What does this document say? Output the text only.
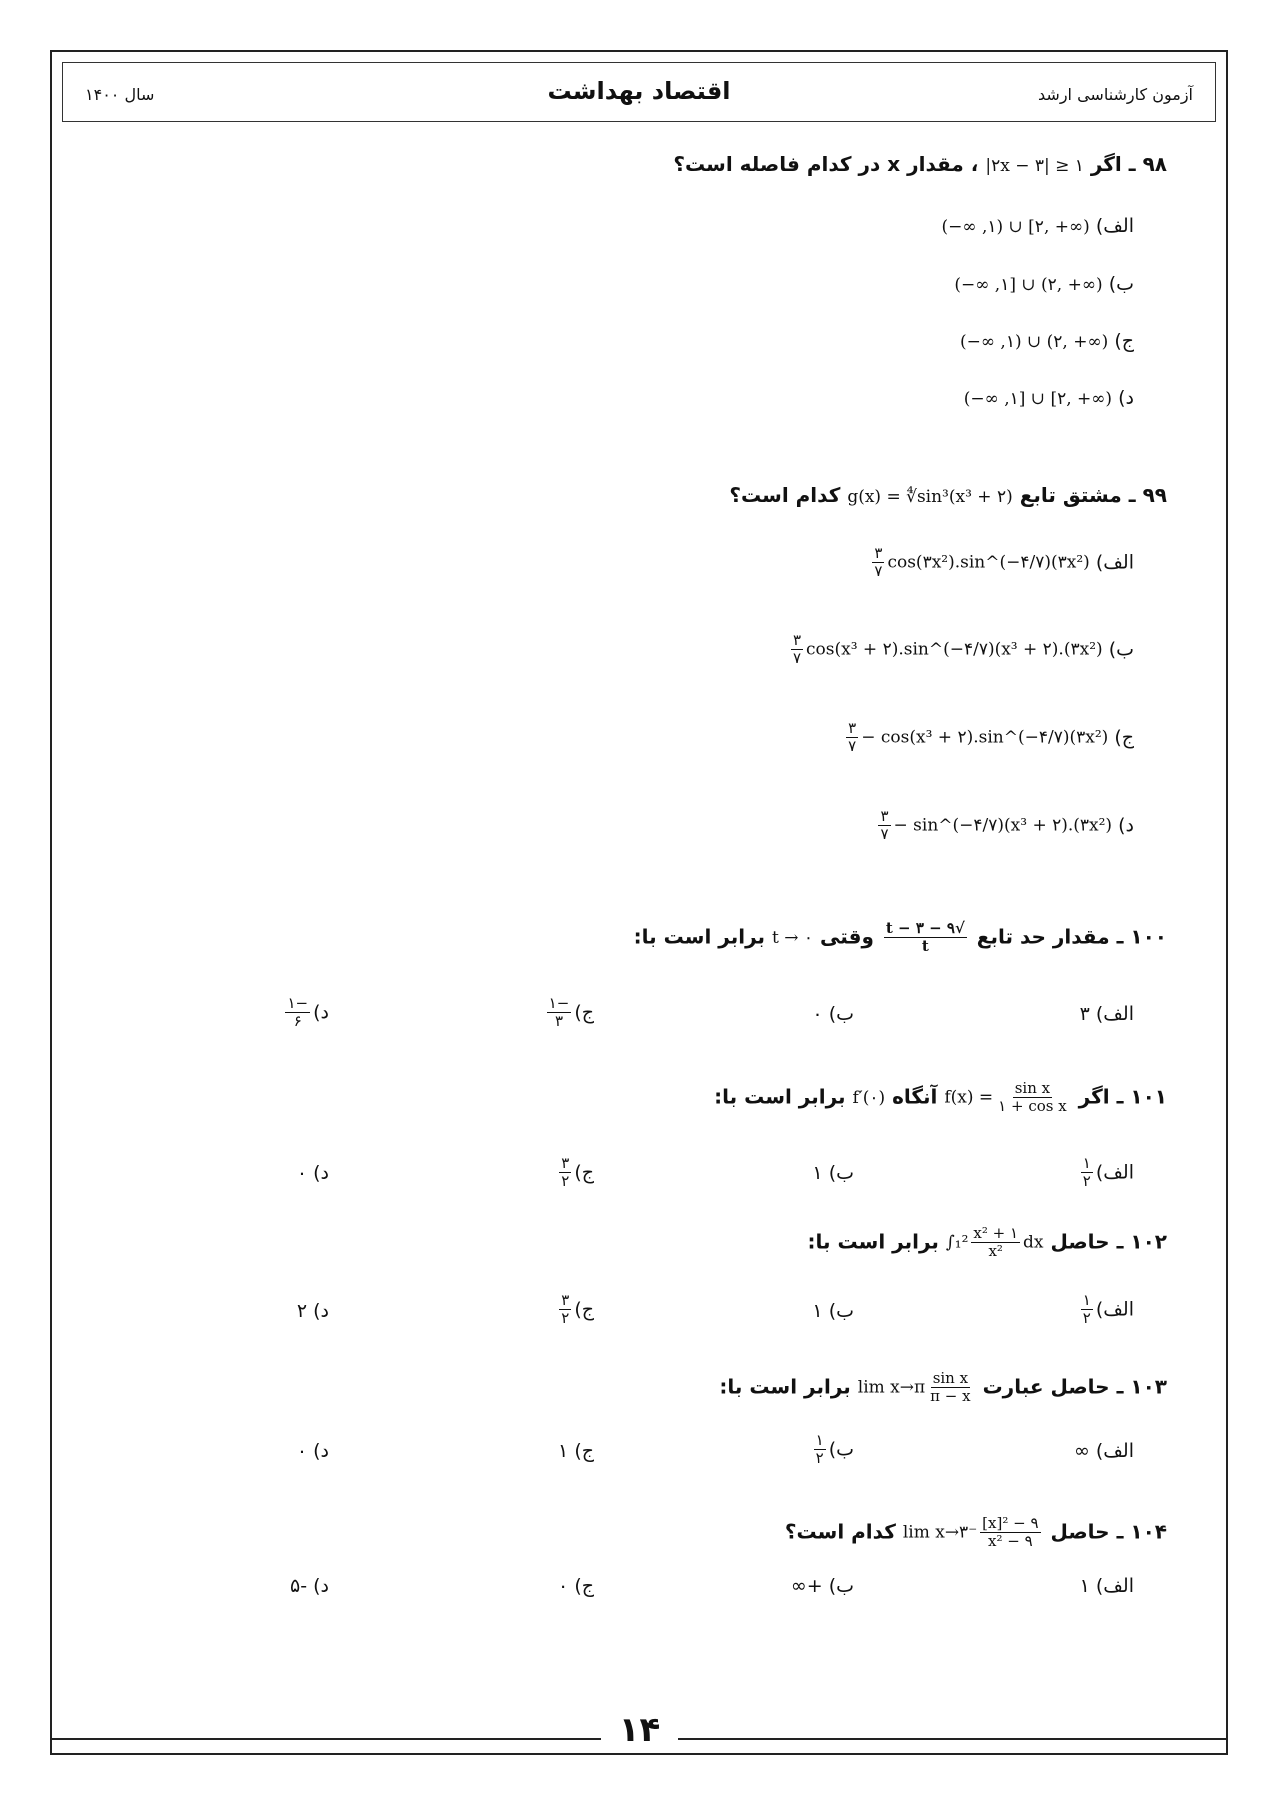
آزمون کارشناسی ارشد
اقتصاد بهداشت
سال ۱۴۰۰
۹۸ ـ اگر |۲x − ۳| ≥ ۱ ، مقدار x در کدام فاصله است؟
الف) (−∞ ,۱) ∪ [۲, +∞)
ب) (−∞ ,۱] ∪ (۲, +∞)
ج) (−∞ ,۱) ∪ (۲, +∞)
د) (−∞ ,۱] ∪ [۲, +∞)
۹۹ ـ مشتق تابع g(x) = ∜sin³(x³ + ۲) کدام است؟
الف)
$\frac{۳}{۷}$ cos(۳x²).sin^(−۴/۷)(۳x²)
ب)
$\frac{۳}{۷} \cos(x^3$ + ۲).sin^(−۴/۷)(x³ + ۲).(۳x²)
ج)
$\frac{۳}{۷} - \cos(x^3$ + ۲).sin^(−۴/۷)(۳x²)
د)
$\frac{۳}{۷}$ − sin^(−۴/۷)(x³ + ۲).(۳x²)
۱۰۰ ـ مقدار حد تابع
$\frac{√۹ - t - ۳}{t}$
وقتی t → ۰ برابر است با:
الف) ۳
ب) ۰
ج)
$\frac{-۱}{۳}$
د)
$\frac{-۱}{۶}$
۱۰۱ ـ اگر $f(x) = \frac{\text{sin x}}{\text{۱ + cos x}}$
آنگاه f′(۰) برابر است با:
الف)
$\frac{۱}{۲}$
ب) ۱
ج)
$\frac{۳}{۲}$
د) ۰
۱۰۲ ـ حاصل $\int_1^2 \frac{\text{x² + ۱}}{\text{x²}}$ dx برابر است با:
الف)
$\frac{۱}{۲}$
ب) ۱
ج)
$\frac{۳}{۲}$
د) ۲
۱۰۳ ـ حاصل عبارت $\lim x\to\pi \frac{\text{sin x}}{\pi - x}$
برابر است با:
الف) ∞
ب)
$\frac{۱}{۲}$
ج) ۱
د) ۰
۱۰۴ ـ حاصل lim x→۳⁻ $\frac{\text{[x]² − ۹}}{\text{x² − ۹}}$
کدام است؟
الف) ۱
ب) +∞
ج) ۰
د) -۵
۱۴
